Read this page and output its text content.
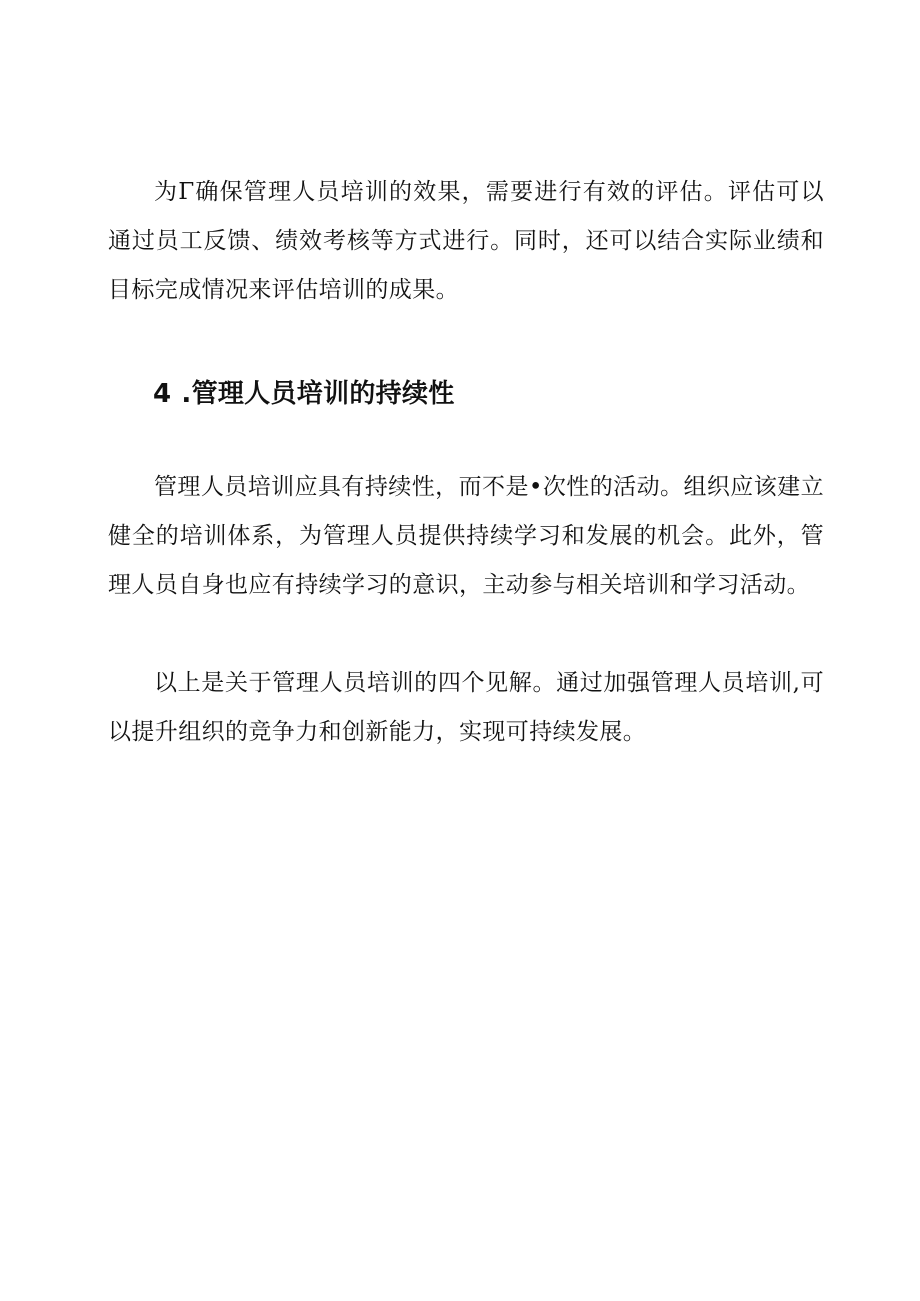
为Γ确保管理人员培训的效果，需要进行有效的评估。评估可以通过员工反馈、绩效考核等方式进行。同时，还可以结合实际业绩和目标完成情况来评估培训的成果。

4 .管理人员培训的持续性

管理人员培训应具有持续性，而不是•次性的活动。组织应该建立健全的培训体系，为管理人员提供持续学习和发展的机会。此外，管理人员自身也应有持续学习的意识，主动参与相关培训和学习活动。

以上是关于管理人员培训的四个见解。通过加强管理人员培训,可以提升组织的竞争力和创新能力，实现可持续发展。
